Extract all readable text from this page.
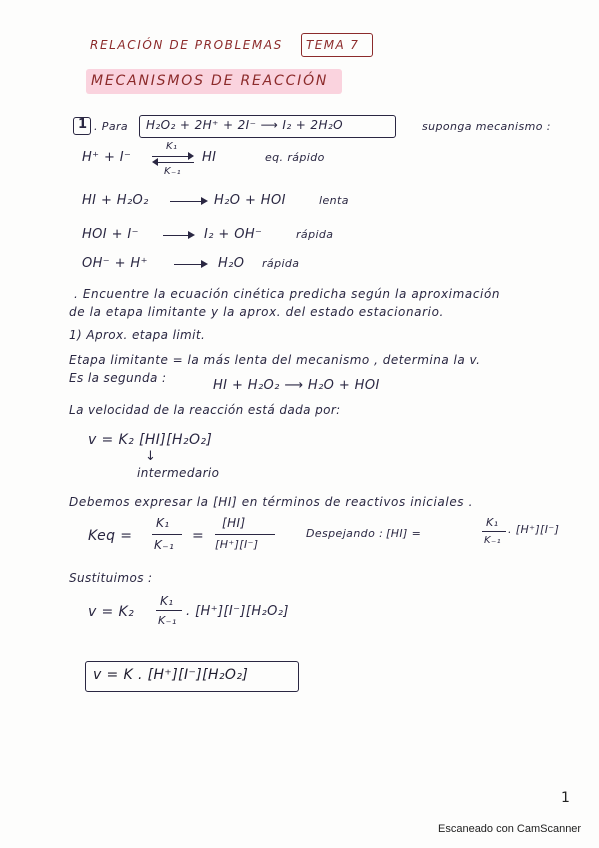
RELACIÓN DE PROBLEMAS TEMA 7
MECANISMOS DE REACCIÓN
1 . Para H₂O₂ + 2H⁺ + 2I⁻ ⟶ I₂ + 2H₂O	suponga mecanismo :
H⁺ + I⁻
K₁
K₋₁
HI	eq. rápido
HI + H₂O₂	H₂O + HOI	lenta
HOI + I⁻	I₂ + OH⁻	rápida
OH⁻ + H⁺	H₂O rápida
. Encuentre la ecuación cinética predicha según la aproximación
de la etapa limitante y la aprox. del estado estacionario.
1) Aprox. etapa limit.
Etapa limitante = la más lenta del mecanismo , determina la v.
Es la segunda :	HI + H₂O₂ ⟶ H₂O + HOI
La velocidad de la reacción está dada por:
v = K₂ [HI][H₂O₂]
↓
intermedario
Debemos expresar la [HI] en términos de reactivos iniciales .
Keq =
K₁
K₋₁
=
[HI]
[H⁺][I⁻]
Despejando : [HI] =
K₁
K₋₁
. [H⁺][I⁻]
Sustituimos :
v = K₂
K₁
K₋₁
. [H⁺][I⁻][H₂O₂]
v = K . [H⁺][I⁻][H₂O₂]
1
Escaneado con CamScanner
